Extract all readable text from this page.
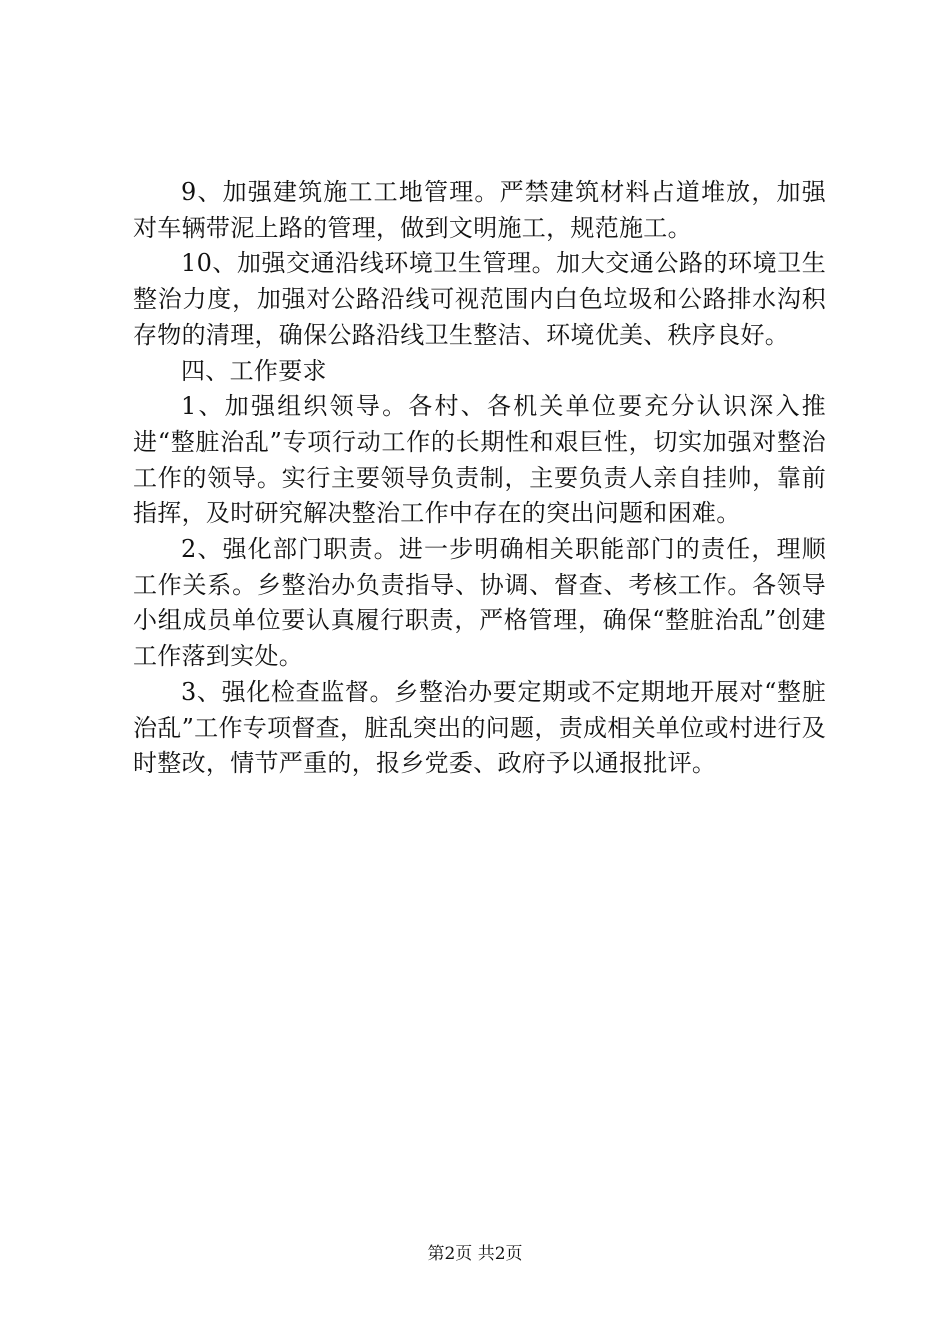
9、加强建筑施工工地管理。严禁建筑材料占道堆放，加强对车辆带泥上路的管理，做到文明施工，规范施工。

10、加强交通沿线环境卫生管理。加大交通公路的环境卫生整治力度，加强对公路沿线可视范围内白色垃圾和公路排水沟积存物的清理，确保公路沿线卫生整洁、环境优美、秩序良好。

四、工作要求

1、加强组织领导。各村、各机关单位要充分认识深入推进“整脏治乱”专项行动工作的长期性和艰巨性，切实加强对整治工作的领导。实行主要领导负责制，主要负责人亲自挂帅，靠前指挥，及时研究解决整治工作中存在的突出问题和困难。

2、强化部门职责。进一步明确相关职能部门的责任，理顺工作关系。乡整治办负责指导、协调、督查、考核工作。各领导小组成员单位要认真履行职责，严格管理，确保“整脏治乱”创建工作落到实处。

3、强化检查监督。乡整治办要定期或不定期地开展对“整脏治乱”工作专项督查，脏乱突出的问题，责成相关单位或村进行及时整改，情节严重的，报乡党委、政府予以通报批评。

第2页 共2页
